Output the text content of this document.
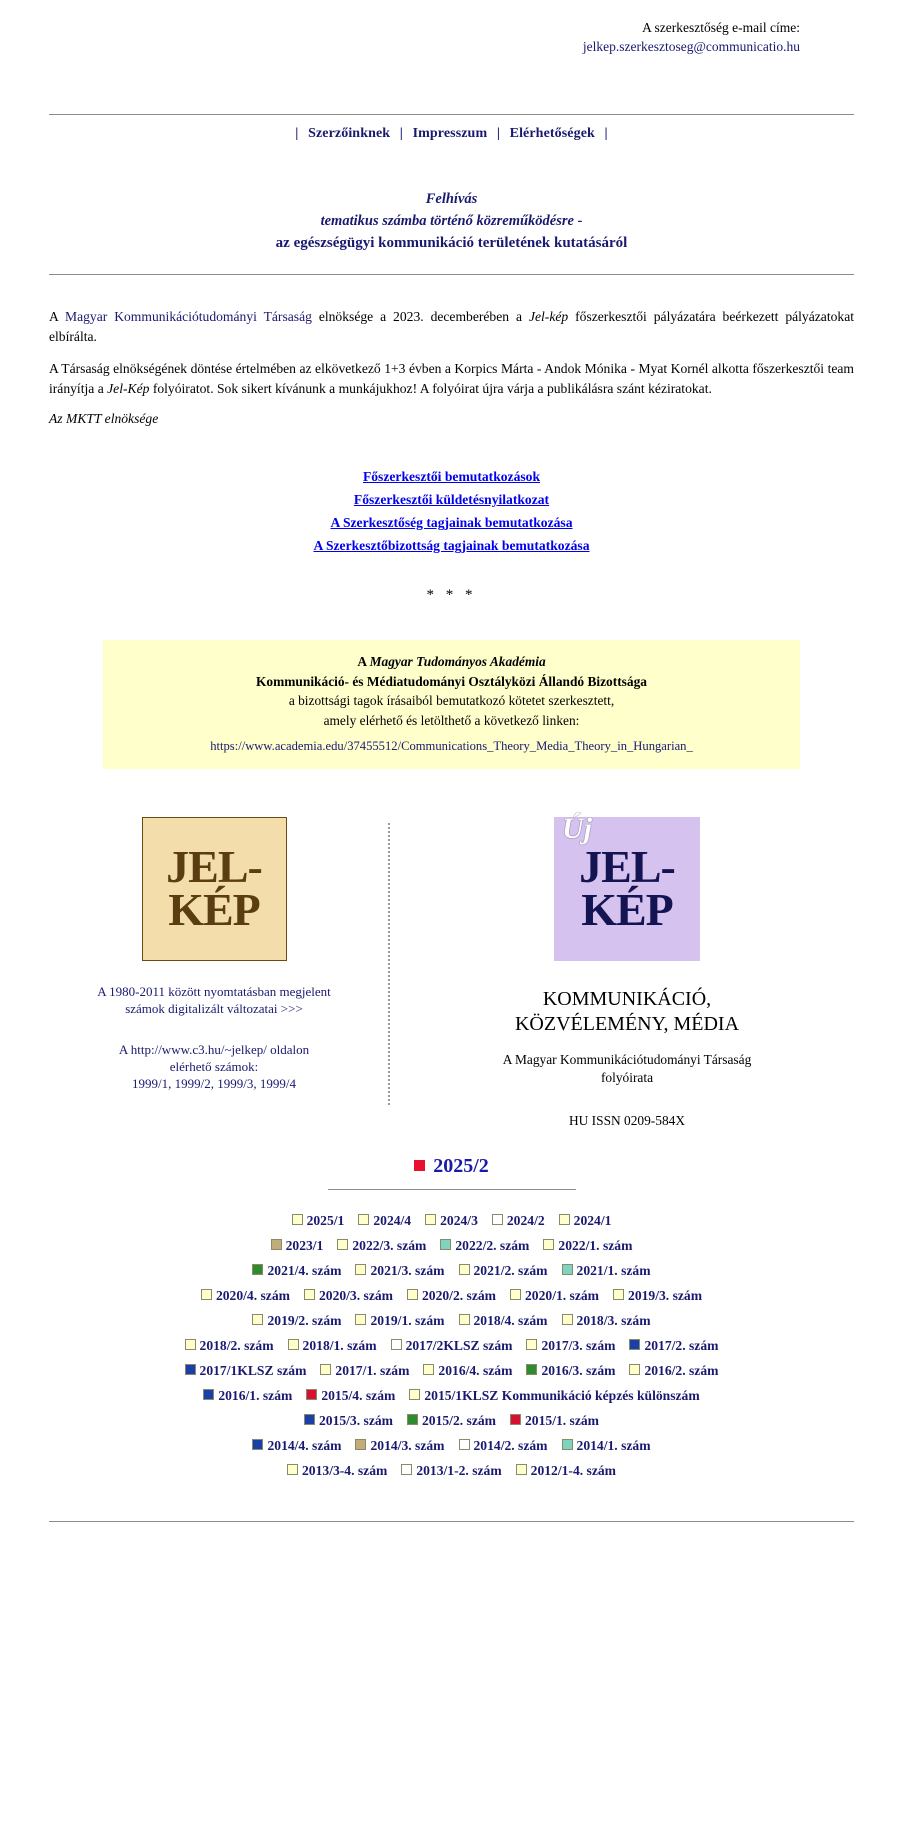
A szerkesztőség e-mail címe:
jelkep.szerkesztoseg@communicatio.hu
| Szerzőinknek | Impresszum | Elérhetőségek |
Felhívás
tematikus számba történő közreműködésre -
az egészségügyi kommunikáció területének kutatásáról

A Magyar Kommunikációtudományi Társaság elnöksége a 2023. decemberében a Jel-kép főszerkesztői pályázatára beérkezett pályázatokat elbírálta.

A Társaság elnökségének döntése értelmében az elkövetkező 1+3 évben a Korpics Márta - Andok Mónika - Myat Kornél alkotta főszerkesztői team irányítja a Jel-Kép folyóiratot. Sok sikert kívánunk a munkájukhoz! A folyóirat újra várja a publikálásra szánt kéziratokat.

Az MKTT elnöksége

Főszerkesztői bemutatkozások
Főszerkesztői küldetésnyilatkozat
A Szerkesztőség tagjainak bemutatkozása
A Szerkesztőbizottság tagjainak bemutatkozása
* * *
A Magyar Tudományos Akadémia
Kommunikáció- és Médiatudományi Osztályközi Állandó Bizottsága
a bizottsági tagok írásaiból bemutatkozó kötetet szerkesztett,
amely elérhető és letölthető a következő linken:
https://www.academia.edu/37455512/Communications_Theory_Media_Theory_in_Hungarian_
JEL-
KÉP
A 1980-2011 között nyomtatásban megjelent
számok digitalizált változatai >>>
A http://www.c3.hu/~jelkep/ oldalon
elérhető számok:
1999/1, 1999/2, 1999/3, 1999/4
Új
JEL-
KÉP
KOMMUNIKÁCIÓ,
KÖZVÉLEMÉNY, MÉDIA
A Magyar Kommunikációtudományi Társaság
folyóirata
HU ISSN 0209-584X
2025/2
2025/1 2024/4 2024/3 2024/2 2024/1
2023/1 2022/3. szám 2022/2. szám 2022/1. szám
2021/4. szám 2021/3. szám 2021/2. szám 2021/1. szám
2020/4. szám 2020/3. szám 2020/2. szám 2020/1. szám 2019/3. szám
2019/2. szám 2019/1. szám 2018/4. szám 2018/3. szám
2018/2. szám 2018/1. szám 2017/2KLSZ szám 2017/3. szám 2017/2. szám
2017/1KLSZ szám 2017/1. szám 2016/4. szám 2016/3. szám 2016/2. szám
2016/1. szám 2015/4. szám 2015/1KLSZ Kommunikáció képzés különszám
2015/3. szám 2015/2. szám 2015/1. szám
2014/4. szám 2014/3. szám 2014/2. szám 2014/1. szám
2013/3-4. szám 2013/1-2. szám 2012/1-4. szám
